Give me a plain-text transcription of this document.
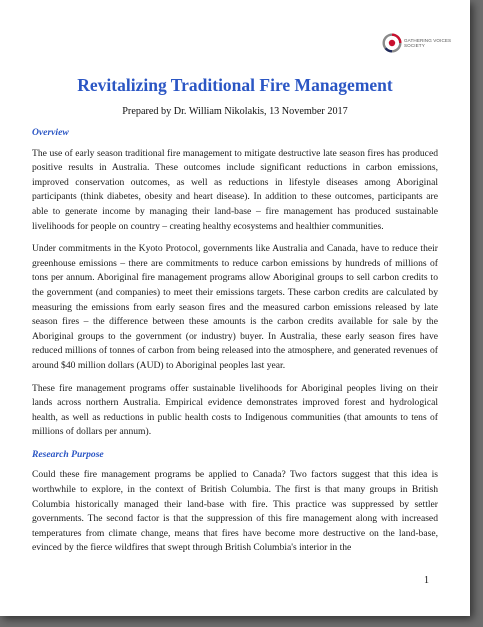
GATHERING VOICES
SOCIETY
Revitalizing Traditional Fire Management
Prepared by Dr. William Nikolakis, 13 November 2017
Overview

The use of early season traditional fire management to mitigate destructive late season fires has produced positive results in Australia. These outcomes include significant reductions in carbon emissions, improved conservation outcomes, as well as reductions in lifestyle diseases among Aboriginal participants (think diabetes, obesity and heart disease). In addition to these outcomes, participants are able to generate income by managing their land-base – fire management has produced sustainable livelihoods for people on country – creating healthy ecosystems and healthier communities.

Under commitments in the Kyoto Protocol, governments like Australia and Canada, have to reduce their greenhouse emissions – there are commitments to reduce carbon emissions by hundreds of millions of tons per annum. Aboriginal fire management programs allow Aboriginal groups to sell carbon credits to the government (and companies) to meet their emissions targets. These carbon credits are calculated by measuring the emissions from early season fires and the measured carbon emissions released by late season fires – the difference between these amounts is the carbon credits available for sale by the Aboriginal groups to the government (or industry) buyer. In Australia, these early season fires have reduced millions of tonnes of carbon from being released into the atmosphere, and generated revenues of around $40 million dollars (AUD) to Aboriginal peoples last year.

These fire management programs offer sustainable livelihoods for Aboriginal peoples living on their lands across northern Australia. Empirical evidence demonstrates improved forest and hydrological health, as well as reductions in public health costs to Indigenous communities (that amounts to tens of millions of dollars per annum).

Research Purpose

Could these fire management programs be applied to Canada? Two factors suggest that this idea is worthwhile to explore, in the context of British Columbia. The first is that many groups in British Columbia historically managed their land-base with fire. This practice was suppressed by settler governments. The second factor is that the suppression of this fire management along with increased temperatures from climate change, means that fires have become more destructive on the land-base, evinced by the fierce wildfires that swept through British Columbia's interior in the

1
